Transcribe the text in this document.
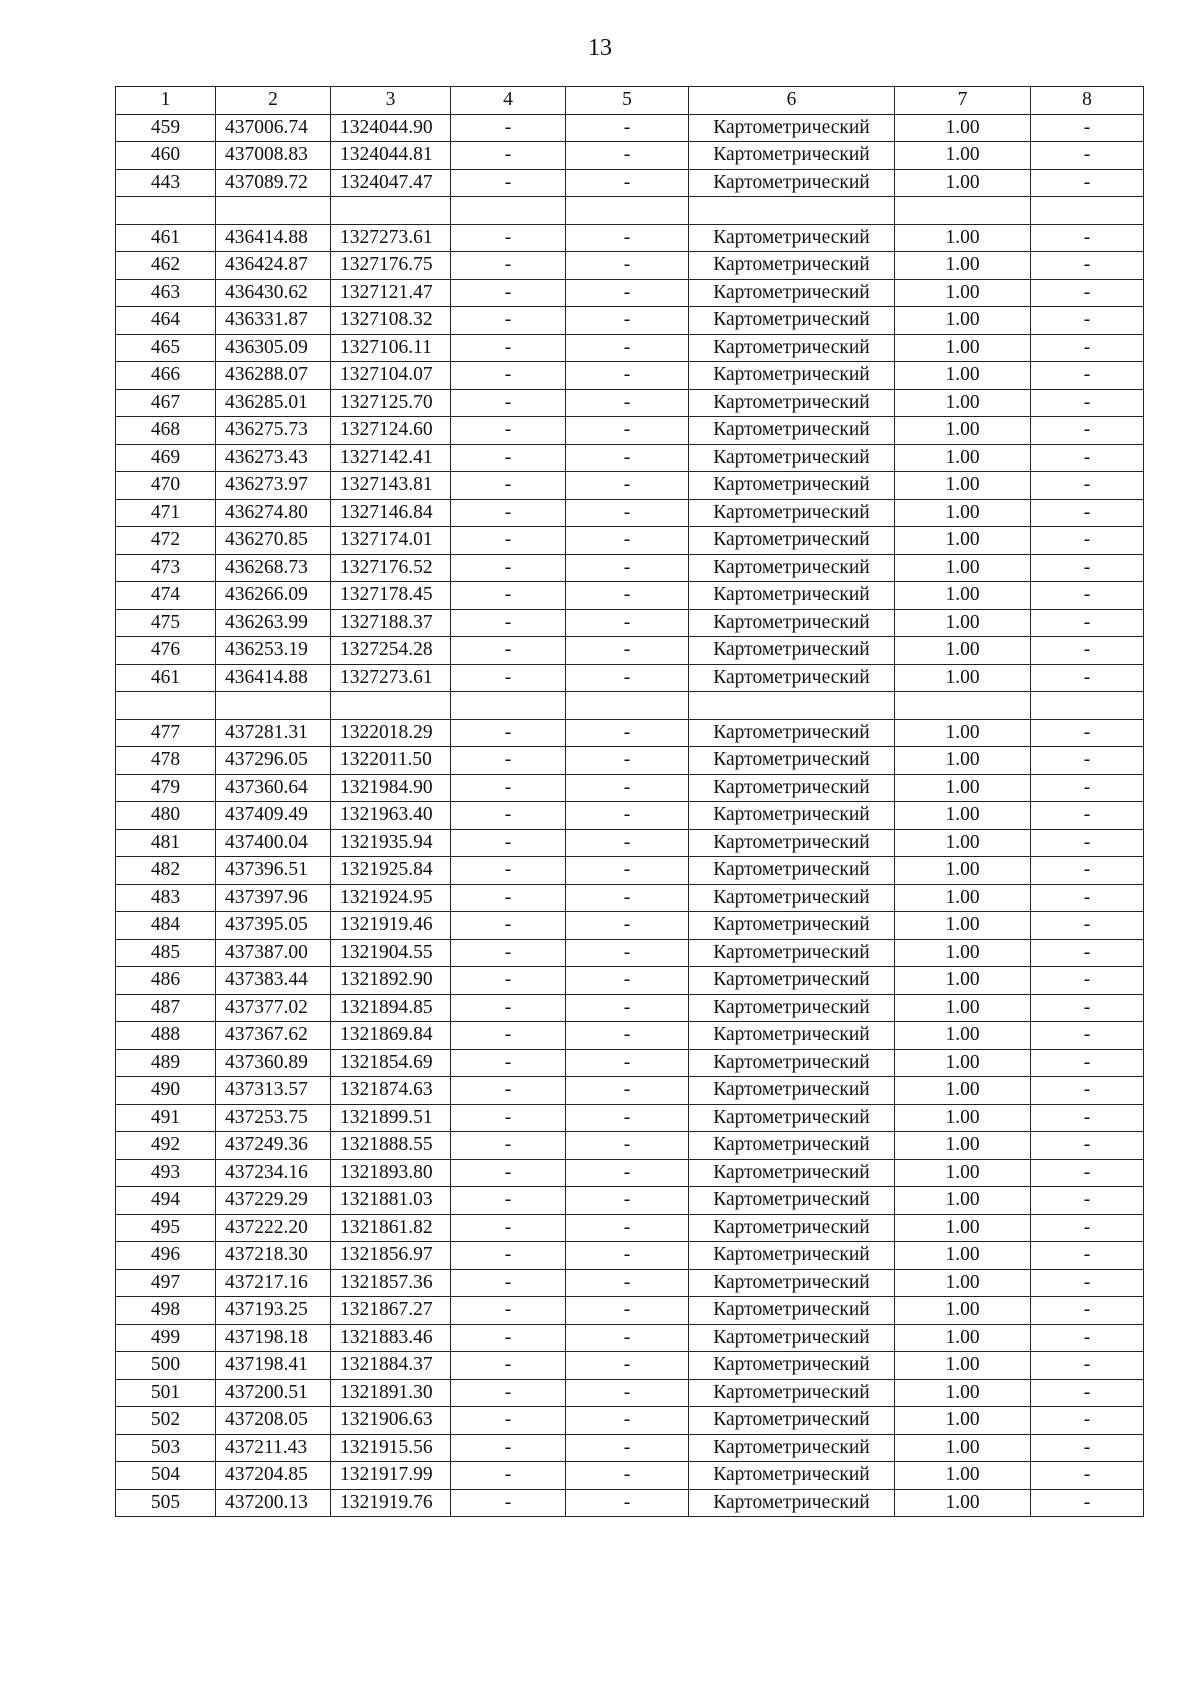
13
1	2	3	4	5	6	7	8
459	437006.74	1324044.90	-	-	Картометрический	1.00	-
460	437008.83	1324044.81	-	-	Картометрический	1.00	-
443	437089.72	1324047.47	-	-	Картометрический	1.00	-

461	436414.88	1327273.61	-	-	Картометрический	1.00	-
462	436424.87	1327176.75	-	-	Картометрический	1.00	-
463	436430.62	1327121.47	-	-	Картометрический	1.00	-
464	436331.87	1327108.32	-	-	Картометрический	1.00	-
465	436305.09	1327106.11	-	-	Картометрический	1.00	-
466	436288.07	1327104.07	-	-	Картометрический	1.00	-
467	436285.01	1327125.70	-	-	Картометрический	1.00	-
468	436275.73	1327124.60	-	-	Картометрический	1.00	-
469	436273.43	1327142.41	-	-	Картометрический	1.00	-
470	436273.97	1327143.81	-	-	Картометрический	1.00	-
471	436274.80	1327146.84	-	-	Картометрический	1.00	-
472	436270.85	1327174.01	-	-	Картометрический	1.00	-
473	436268.73	1327176.52	-	-	Картометрический	1.00	-
474	436266.09	1327178.45	-	-	Картометрический	1.00	-
475	436263.99	1327188.37	-	-	Картометрический	1.00	-
476	436253.19	1327254.28	-	-	Картометрический	1.00	-
461	436414.88	1327273.61	-	-	Картометрический	1.00	-

477	437281.31	1322018.29	-	-	Картометрический	1.00	-
478	437296.05	1322011.50	-	-	Картометрический	1.00	-
479	437360.64	1321984.90	-	-	Картометрический	1.00	-
480	437409.49	1321963.40	-	-	Картометрический	1.00	-
481	437400.04	1321935.94	-	-	Картометрический	1.00	-
482	437396.51	1321925.84	-	-	Картометрический	1.00	-
483	437397.96	1321924.95	-	-	Картометрический	1.00	-
484	437395.05	1321919.46	-	-	Картометрический	1.00	-
485	437387.00	1321904.55	-	-	Картометрический	1.00	-
486	437383.44	1321892.90	-	-	Картометрический	1.00	-
487	437377.02	1321894.85	-	-	Картометрический	1.00	-
488	437367.62	1321869.84	-	-	Картометрический	1.00	-
489	437360.89	1321854.69	-	-	Картометрический	1.00	-
490	437313.57	1321874.63	-	-	Картометрический	1.00	-
491	437253.75	1321899.51	-	-	Картометрический	1.00	-
492	437249.36	1321888.55	-	-	Картометрический	1.00	-
493	437234.16	1321893.80	-	-	Картометрический	1.00	-
494	437229.29	1321881.03	-	-	Картометрический	1.00	-
495	437222.20	1321861.82	-	-	Картометрический	1.00	-
496	437218.30	1321856.97	-	-	Картометрический	1.00	-
497	437217.16	1321857.36	-	-	Картометрический	1.00	-
498	437193.25	1321867.27	-	-	Картометрический	1.00	-
499	437198.18	1321883.46	-	-	Картометрический	1.00	-
500	437198.41	1321884.37	-	-	Картометрический	1.00	-
501	437200.51	1321891.30	-	-	Картометрический	1.00	-
502	437208.05	1321906.63	-	-	Картометрический	1.00	-
503	437211.43	1321915.56	-	-	Картометрический	1.00	-
504	437204.85	1321917.99	-	-	Картометрический	1.00	-
505	437200.13	1321919.76	-	-	Картометрический	1.00	-
